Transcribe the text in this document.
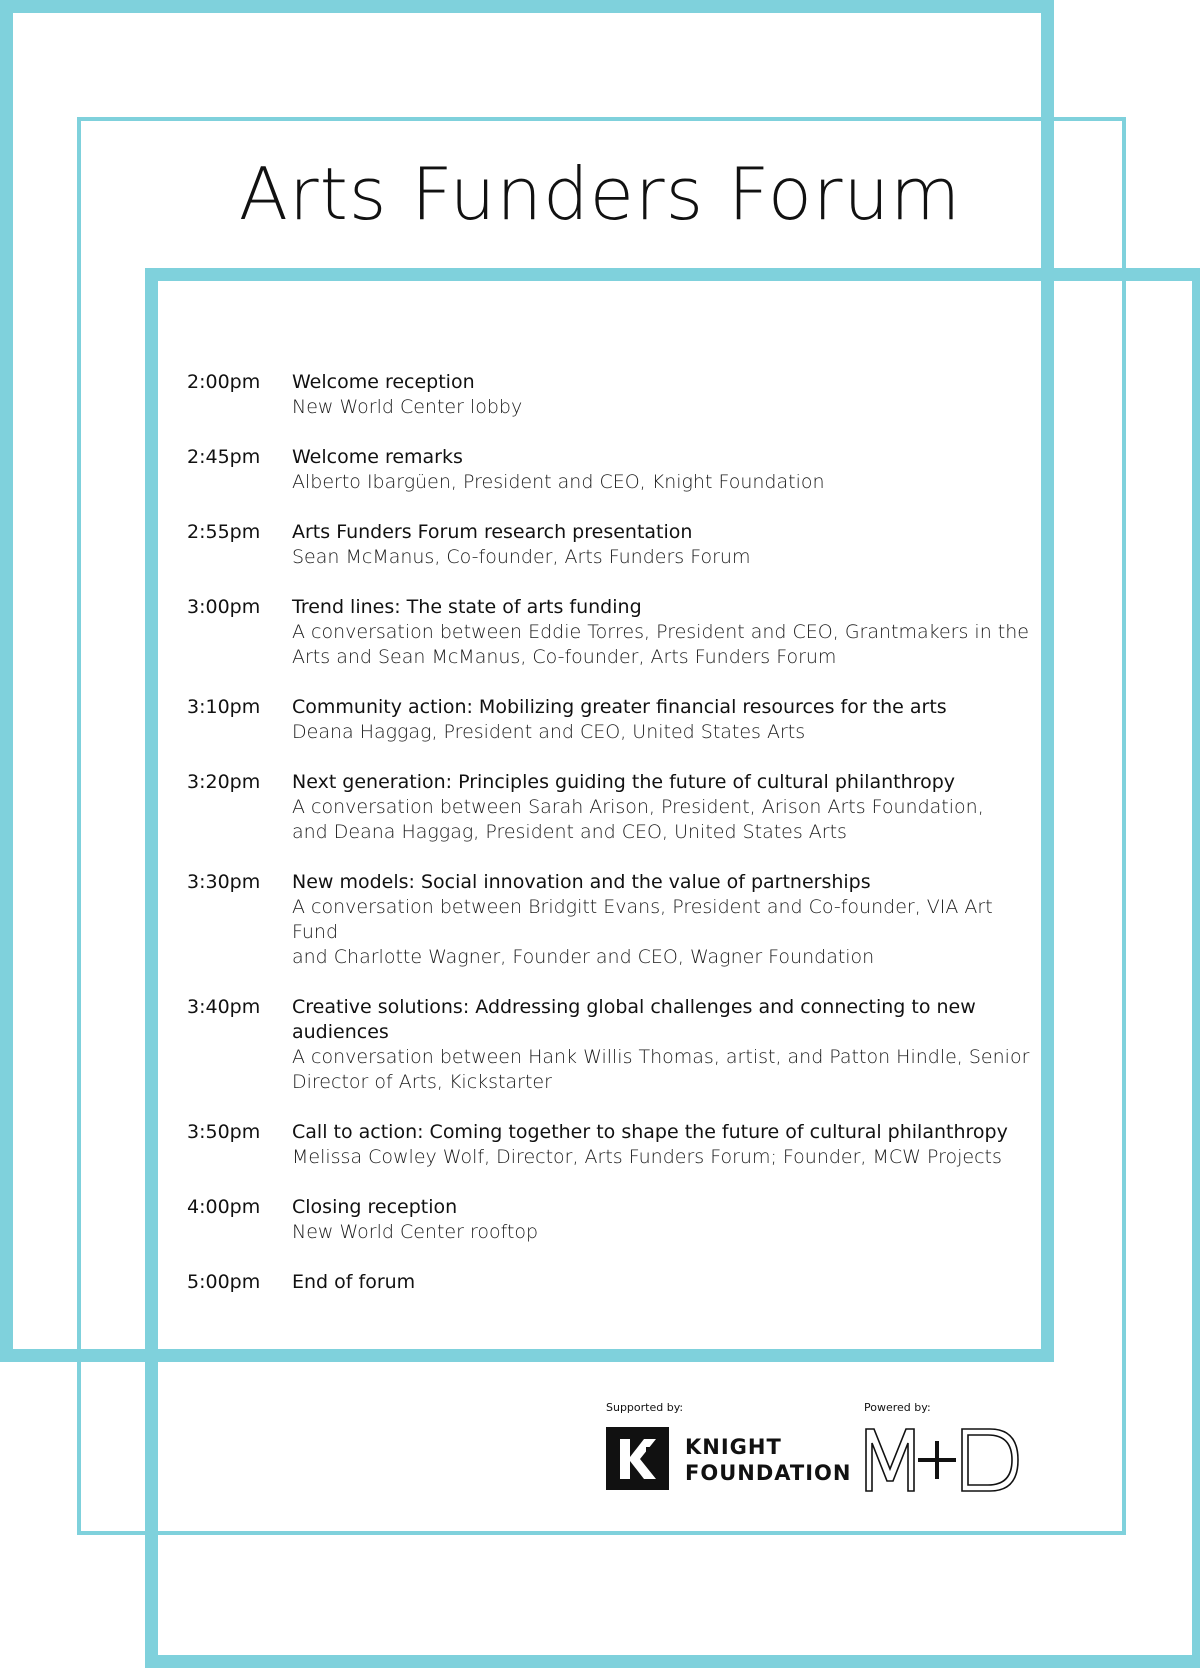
Arts Funders Forum
2:00pm	Welcome reception
New World Center lobby
2:45pm	Welcome remarks
Alberto Ibargüen, President and CEO, Knight Foundation
2:55pm	Arts Funders Forum research presentation
Sean McManus, Co-founder, Arts Funders Forum
3:00pm	Trend lines: The state of arts funding
A conversation between Eddie Torres, President and CEO, Grantmakers in the
Arts and Sean McManus, Co-founder, Arts Funders Forum
3:10pm	Community action: Mobilizing greater financial resources for the arts
Deana Haggag, President and CEO, United States Arts
3:20pm	Next generation: Principles guiding the future of cultural philanthropy
A conversation between Sarah Arison, President, Arison Arts Foundation,
and Deana Haggag, President and CEO, United States Arts
3:30pm	New models: Social innovation and the value of partnerships
A conversation between Bridgitt Evans, President and Co-founder, VIA Art Fund
and Charlotte Wagner, Founder and CEO, Wagner Foundation
3:40pm	Creative solutions: Addressing global challenges and connecting to new audiences
A conversation between Hank Willis Thomas, artist, and Patton Hindle, Senior
Director of Arts, Kickstarter
3:50pm	Call to action: Coming together to shape the future of cultural philanthropy
Melissa Cowley Wolf, Director, Arts Funders Forum; Founder, MCW Projects
4:00pm	Closing reception
New World Center rooftop
5:00pm	End of forum
Supported by:	Powered by:
KNIGHT
FOUNDATION
